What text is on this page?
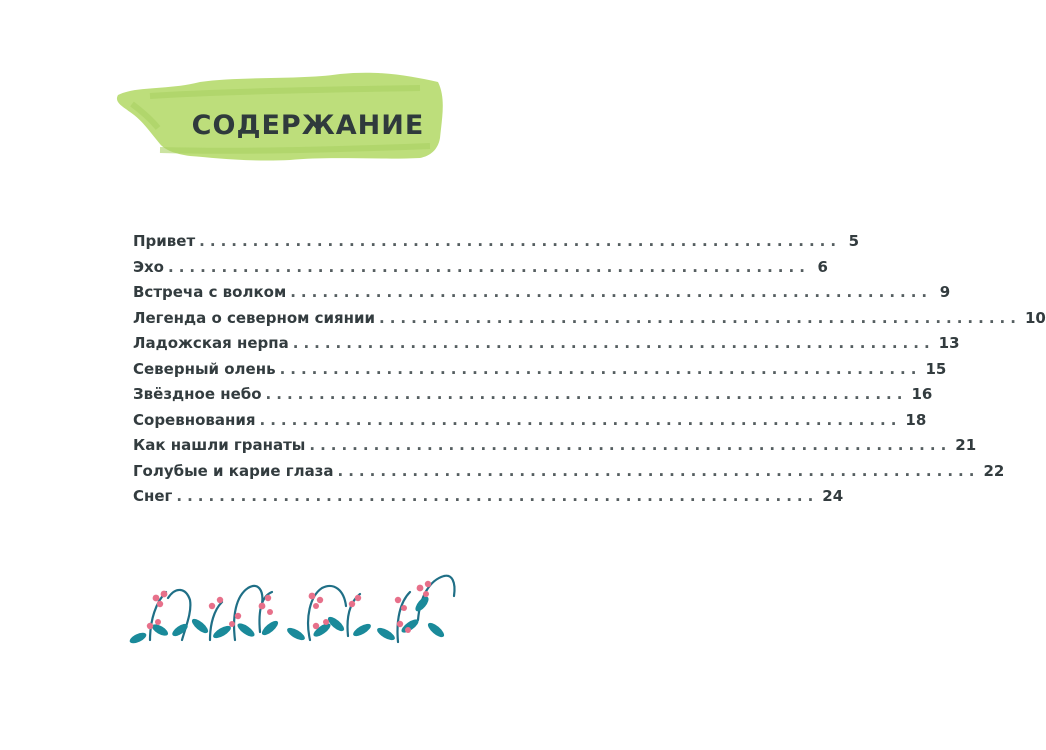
СОДЕРЖАНИЕ
Привет ............................................................ 5
Эхо ............................................................ 6
Встреча с волком ............................................................ 9
Легенда о северном сиянии ............................................................ 10
Ладожская нерпа ............................................................ 13
Северный олень ............................................................ 15
Звёздное небо ............................................................ 16
Соревнования ............................................................ 18
Как нашли гранаты ............................................................ 21
Голубые и карие глаза ............................................................ 22
Снег ............................................................ 24
